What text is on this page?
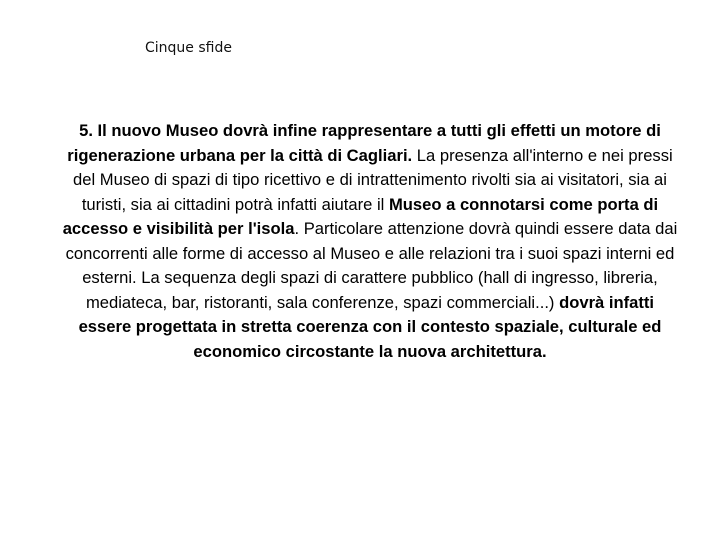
Cinque sfide

5. Il nuovo Museo dovrà infine rappresentare a tutti gli effetti un motore di rigenerazione urbana per la città di Cagliari. La presenza all'interno e nei pressi del Museo di spazi di tipo ricettivo e di intrattenimento rivolti sia ai visitatori, sia ai turisti, sia ai cittadini potrà infatti aiutare il Museo a connotarsi come porta di accesso e visibilità per l'isola. Particolare attenzione dovrà quindi essere data dai concorrenti alle forme di accesso al Museo e alle relazioni tra i suoi spazi interni ed esterni. La sequenza degli spazi di carattere pubblico (hall di ingresso, libreria, mediateca, bar, ristoranti, sala conferenze, spazi commerciali...) dovrà infatti essere progettata in stretta coerenza con il contesto spaziale, culturale ed economico circostante la nuova architettura.
